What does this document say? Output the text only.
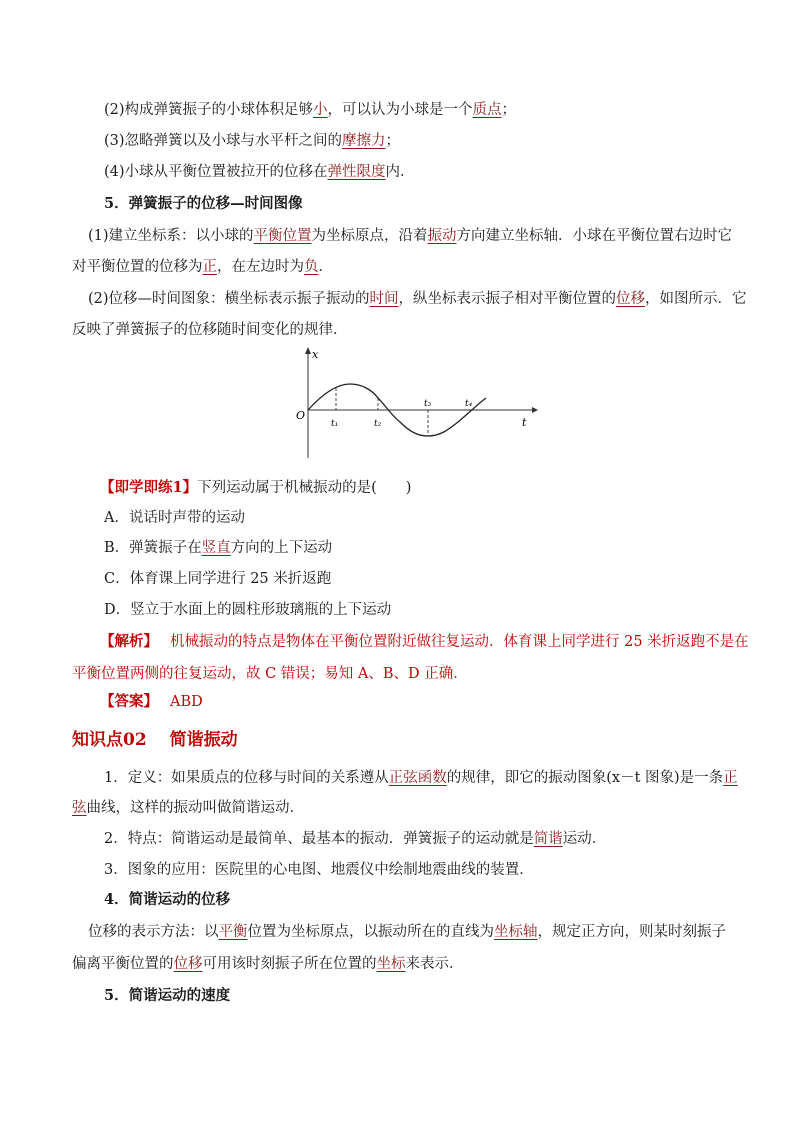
(2)构成弹簧振子的小球体积足够小，可以认为小球是一个质点；
(3)忽略弹簧以及小球与水平杆之间的摩擦力；
(4)小球从平衡位置被拉开的位移在弹性限度内．
5．弹簧振子的位移—时间图像
(1)建立坐标系：以小球的平衡位置为坐标原点，沿着振动方向建立坐标轴．小球在平衡位置右边时它
对平衡位置的位移为正，在左边时为负．
(2)位移—时间图象：横坐标表示振子振动的时间，纵坐标表示振子相对平衡位置的位移，如图所示．它
反映了弹簧振子的位移随时间变化的规律．
x
t
O
t₁	t₂
t₃	t₄
【即学即练1】下列运动属于机械振动的是(　　)
A．说话时声带的运动
B．弹簧振子在竖直方向的上下运动
C．体育课上同学进行 25 米折返跑
D．竖立于水面上的圆柱形玻璃瓶的上下运动
【解析】 机械振动的特点是物体在平衡位置附近做往复运动．体育课上同学进行 25 米折返跑不是在
平衡位置两侧的往复运动，故 C 错误；易知 A、B、D 正确．
【答案】 ABD
知识点02　 简谐振动
1．定义：如果质点的位移与时间的关系遵从正弦函数的规律，即它的振动图象(x－t 图象)是一条正
弦曲线，这样的振动叫做简谐运动．
2．特点：简谐运动是最简单、最基本的振动．弹簧振子的运动就是简谐运动．
3．图象的应用：医院里的心电图、地震仪中绘制地震曲线的装置．
4．简谐运动的位移
位移的表示方法：以平衡位置为坐标原点，以振动所在的直线为坐标轴，规定正方向，则某时刻振子
偏离平衡位置的位移可用该时刻振子所在位置的坐标来表示．
5．简谐运动的速度
